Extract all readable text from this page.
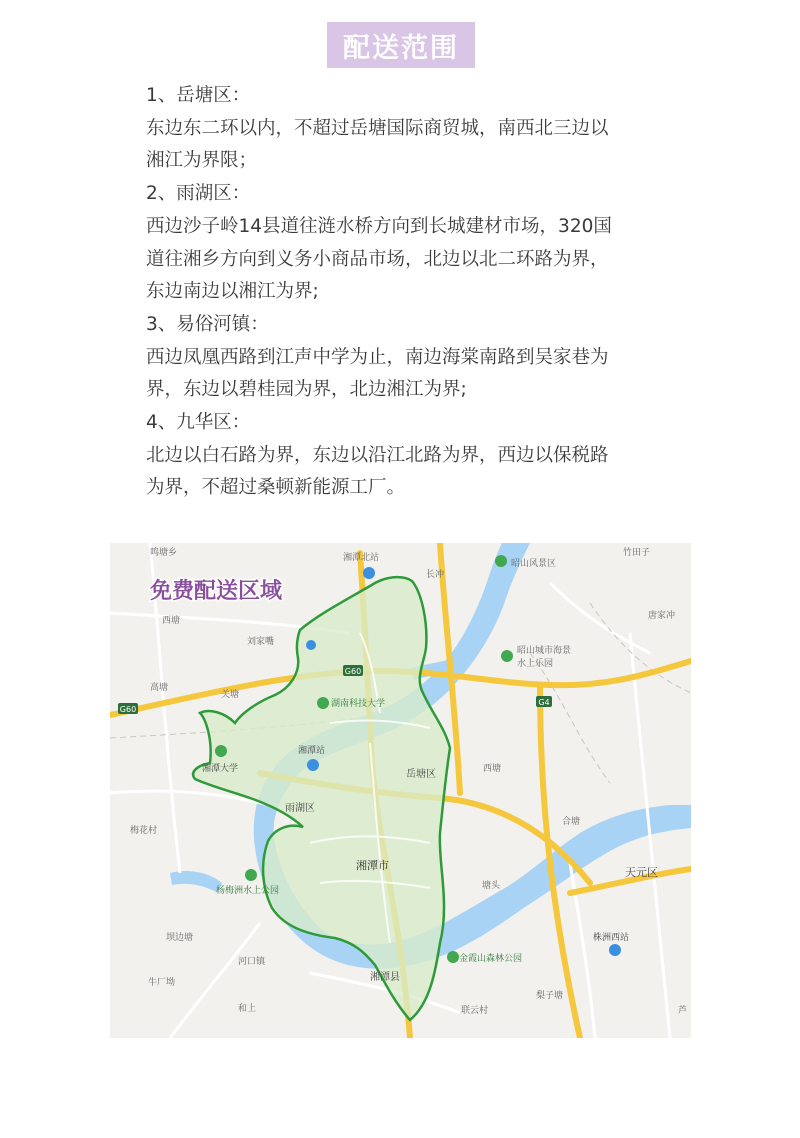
配送范围

1、岳塘区：

东边东二环以内，不超过岳塘国际商贸城，南西北三边以

湘江为界限；

2、雨湖区：

西边沙子岭14县道往涟水桥方向到长城建材市场，320国

道往湘乡方向到义务小商品市场，北边以北二环路为界，

东边南边以湘江为界;

3、易俗河镇：

西边凤凰西路到江声中学为止，南边海棠南路到吴家巷为

界，东边以碧桂园为界，北边湘江为界;

4、九华区：

北边以白石路为界，东边以沿江北路为界，西边以保税路

为界，不超过桑顿新能源工厂。

G60
G60
G4
湘潭北站
长冲
昭山风景区
竹田子
唐家冲
鸣塘乡
西塘
刘家嘴
高塘
关塘
湖南科技大学
昭山城市海景
水上乐园
湘潭大学
湘潭站
岳塘区	西塘
梅花村
雨湖区
合塘
湘潭市
天元区
杨梅洲水上公园	塘头
株洲西站
坝边塘
河口镇	金霞山森林公园
牛厂坳	湘潭县
梨子塘
和上	联云村	芦
免费配送区域
